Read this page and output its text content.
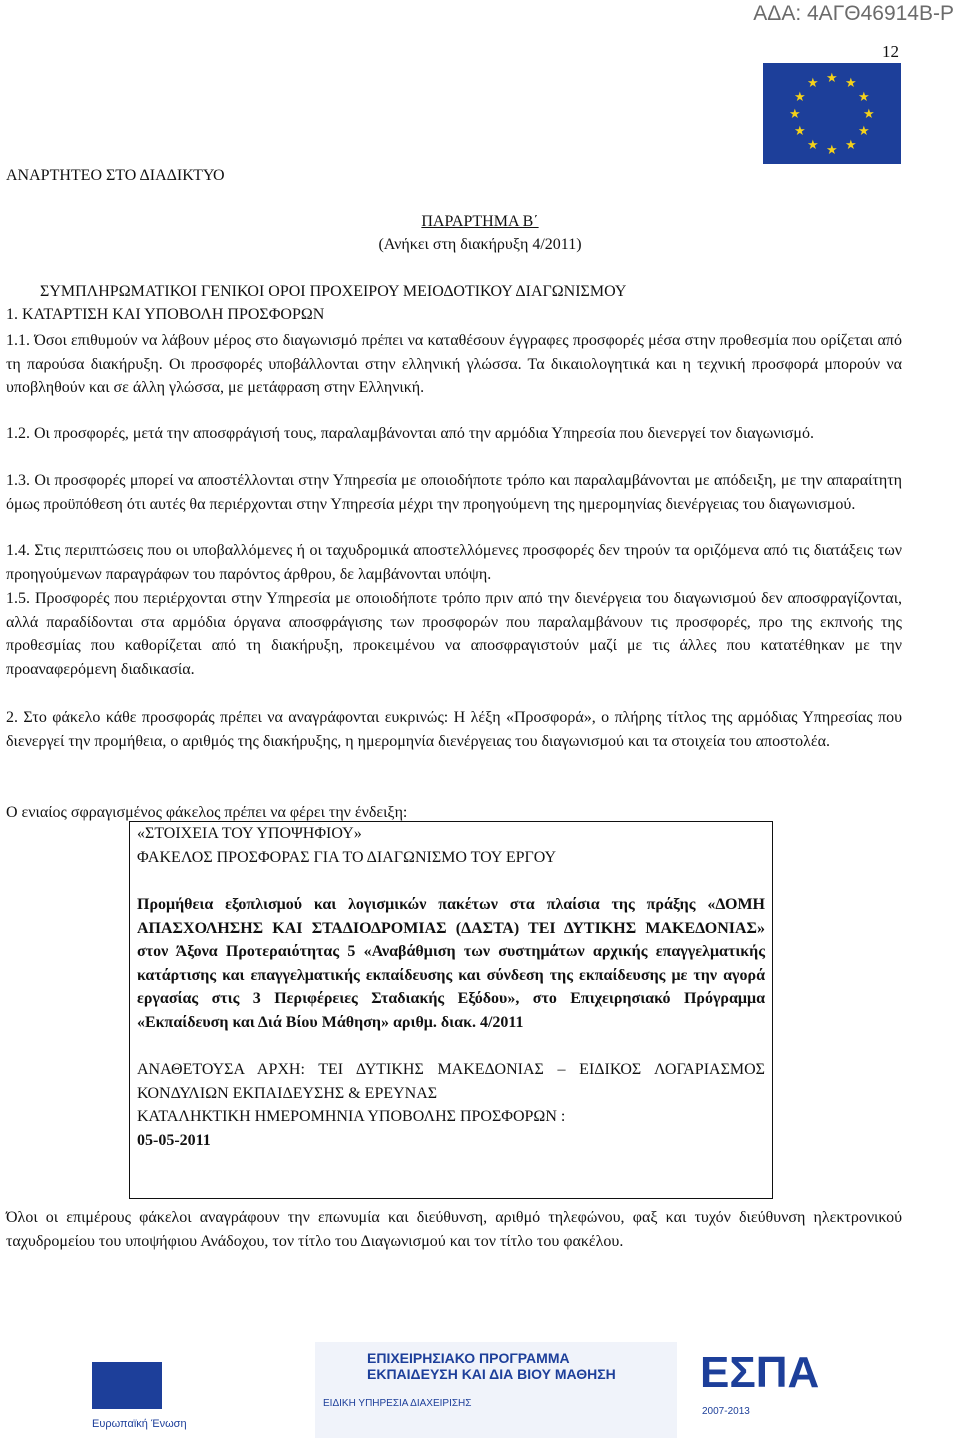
ΑΔΑ: 4ΑΓΘ46914Β-Ρ
12
★ ★
★
★
★
★
★
★
★
★
★
★
ΑΝΑΡΤΗΤΕΟ ΣΤΟ ΔΙΑΔΙΚΤΥΟ
ΠΑΡΑΡΤΗΜΑ Β΄
(Ανήκει στη διακήρυξη 4/2011)
ΣΥΜΠΛΗΡΩΜΑΤΙΚΟΙ ΓΕΝΙΚΟΙ ΟΡΟΙ ΠΡΟΧΕΙΡΟΥ ΜΕΙΟΔΟΤΙΚΟΥ ΔΙΑΓΩΝΙΣΜΟΥ
1. ΚΑΤΑΡΤΙΣΗ ΚΑΙ ΥΠΟΒΟΛΗ ΠΡΟΣΦΟΡΩΝ
1.1. Όσοι επιθυμούν να λάβουν μέρος στο διαγωνισμό πρέπει να καταθέσουν έγγραφες προσφορές μέσα στην προθεσμία που ορίζεται από τη παρούσα διακήρυξη. Οι προσφορές υποβάλλονται στην ελληνική γλώσσα. Τα δικαιολογητικά και η τεχνική προσφορά μπορούν να υποβληθούν και σε άλλη γλώσσα, με μετάφραση στην Ελληνική.
1.2. Οι προσφορές, μετά την αποσφράγισή τους, παραλαμβάνονται από την αρμόδια Υπηρεσία που διενεργεί τον διαγωνισμό.
1.3. Οι προσφορές μπορεί να αποστέλλονται στην Υπηρεσία με οποιοδήποτε τρόπο και παραλαμβάνονται με απόδειξη, με την απαραίτητη όμως προϋπόθεση ότι αυτές θα περιέρχονται στην Υπηρεσία μέχρι την προηγούμενη της ημερομηνίας διενέργειας του διαγωνισμού.
1.4. Στις περιπτώσεις που οι υποβαλλόμενες ή οι ταχυδρομικά αποστελλόμενες προσφορές δεν τηρούν τα οριζόμενα από τις διατάξεις των προηγούμενων παραγράφων του παρόντος άρθρου, δε λαμβάνονται υπόψη.
1.5. Προσφορές που περιέρχονται στην Υπηρεσία με οποιοδήποτε τρόπο πριν από την διενέργεια του διαγωνισμού δεν αποσφραγίζονται, αλλά παραδίδονται στα αρμόδια όργανα αποσφράγισης των προσφορών που παραλαμβάνουν τις προσφορές, προ της εκπνοής της προθεσμίας που καθορίζεται από τη διακήρυξη, προκειμένου να αποσφραγιστούν μαζί με τις άλλες που κατατέθηκαν με την προαναφερόμενη διαδικασία.
2. Στο φάκελο κάθε προσφοράς πρέπει να αναγράφονται ευκρινώς: Η λέξη «Προσφορά», ο πλήρης τίτλος της αρμόδιας Υπηρεσίας που διενεργεί την προμήθεια, ο αριθμός της διακήρυξης, η ημερομηνία διενέργειας του διαγωνισμού και τα στοιχεία του αποστολέα.
Ο ενιαίος σφραγισμένος φάκελος πρέπει να φέρει την ένδειξη:

«ΣΤΟΙΧΕΙΑ ΤΟΥ ΥΠΟΨΗΦΙΟΥ»

ΦΑΚΕΛΟΣ ΠΡΟΣΦΟΡΑΣ ΓΙΑ ΤΟ ΔΙΑΓΩΝΙΣΜΟ ΤΟΥ ΕΡΓΟΥ

Προμήθεια εξοπλισμού και λογισμικών πακέτων στα πλαίσια της πράξης «ΔΟΜΗ ΑΠΑΣΧΟΛΗΣΗΣ ΚΑΙ ΣΤΑΔΙΟΔΡΟΜΙΑΣ (ΔΑΣΤΑ) ΤΕΙ ΔΥΤΙΚΗΣ ΜΑΚΕΔΟΝΙΑΣ» στον Άξονα Προτεραιότητας 5 «Αναβάθμιση των συστημάτων αρχικής επαγγελματικής κατάρτισης και επαγγελματικής εκπαίδευσης και σύνδεση της εκπαίδευσης με την αγορά εργασίας στις 3 Περιφέρειες Σταδιακής Εξόδου», στο Επιχειρησιακό Πρόγραμμα «Εκπαίδευση και Διά Βίου Μάθηση» αριθμ. διακ. 4/2011

ΑΝΑΘΕΤΟΥΣΑ ΑΡΧΗ: ΤΕΙ ΔΥΤΙΚΗΣ ΜΑΚΕΔΟΝΙΑΣ – ΕΙΔΙΚΟΣ ΛΟΓΑΡΙΑΣΜΟΣ ΚΟΝΔΥΛΙΩΝ ΕΚΠΑΙΔΕΥΣΗΣ & ΕΡΕΥΝΑΣ

ΚΑΤΑΛΗΚΤΙΚΗ ΗΜΕΡΟΜΗΝΙΑ ΥΠΟΒΟΛΗΣ ΠΡΟΣΦΟΡΩΝ :

05-05-2011

Όλοι οι επιμέρους φάκελοι αναγράφουν την επωνυμία και διεύθυνση, αριθμό τηλεφώνου, φαξ και τυχόν διεύθυνση ηλεκτρονικού ταχυδρομείου του υποψήφιου Ανάδοχου, τον τίτλο του Διαγωνισμού και τον τίτλο του φακέλου.
Ευρωπαϊκή Ένωση
ΕΠΙΧΕΙΡΗΣΙΑΚΟ ΠΡΟΓΡΑΜΜΑ
ΕΚΠΑΙΔΕΥΣΗ ΚΑΙ ΔΙΑ ΒΙΟΥ ΜΑΘΗΣΗ
ΕΙΔΙΚΗ ΥΠΗΡΕΣΙΑ ΔΙΑΧΕΙΡΙΣΗΣ
ΕΣΠΑ
2007-2013
